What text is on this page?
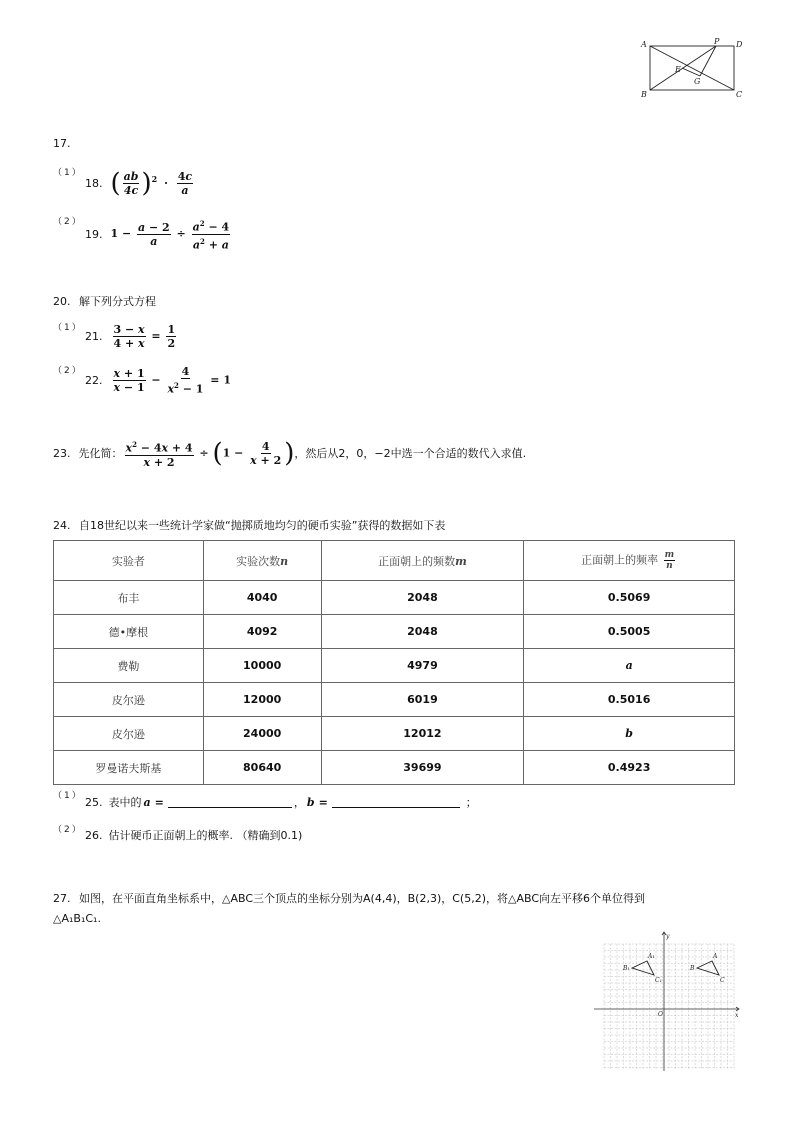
A	P D
E
G
B	C
17.
（1）
18. ( $\frac{ab}{4c} )^2 \cdot \frac{4c}{a}$
（2）
19. $1 - \frac{a - 2}{a} \div \frac{a^2 - 4}{a^2 + a}$
20. 解下列分式方程
（1）
21. $\frac{3 - x}{4 + x} = \frac{1}{2}$
（2）
22. $\frac{x + 1}{x - 1} - \frac{4}{x^2 - 1} = 1$
23. 先化简： $\frac{x^2 - 4x + 4}{x + 2} \div (1 - \frac{4}{x + 2}$ ) ，然后从2，0，−2中选一个合适的数代入求值.
24. 自18世纪以来一些统计学家做“抛掷质地均匀的硬币实验”获得的数据如下表
实验者	实验次数n	正面朝上的频数m	正面朝上的频率 $\frac{m}{n}$

布丰	4040	2048	0.5069
德•摩根	4092	2048	0.5005
费勒	10000	4979	a
皮尔逊	12000	6019	0.5016
皮尔逊	24000	12012	b
罗曼诺夫斯基	80640	39699	0.4923
（1） 25. 表中的 a =	， b =	；
（2） 26. 估计硬币正面朝上的概率. （精确到0.1)
27. 如图，在平面直角坐标系中，△ABC三个顶点的坐标分别为A(4,4)，B(2,3)，C(5,2)，将△ABC向左平移6个单位得到
△A₁B₁C₁.
y
x
O
A
B
C
A₁
B₁
C₁
